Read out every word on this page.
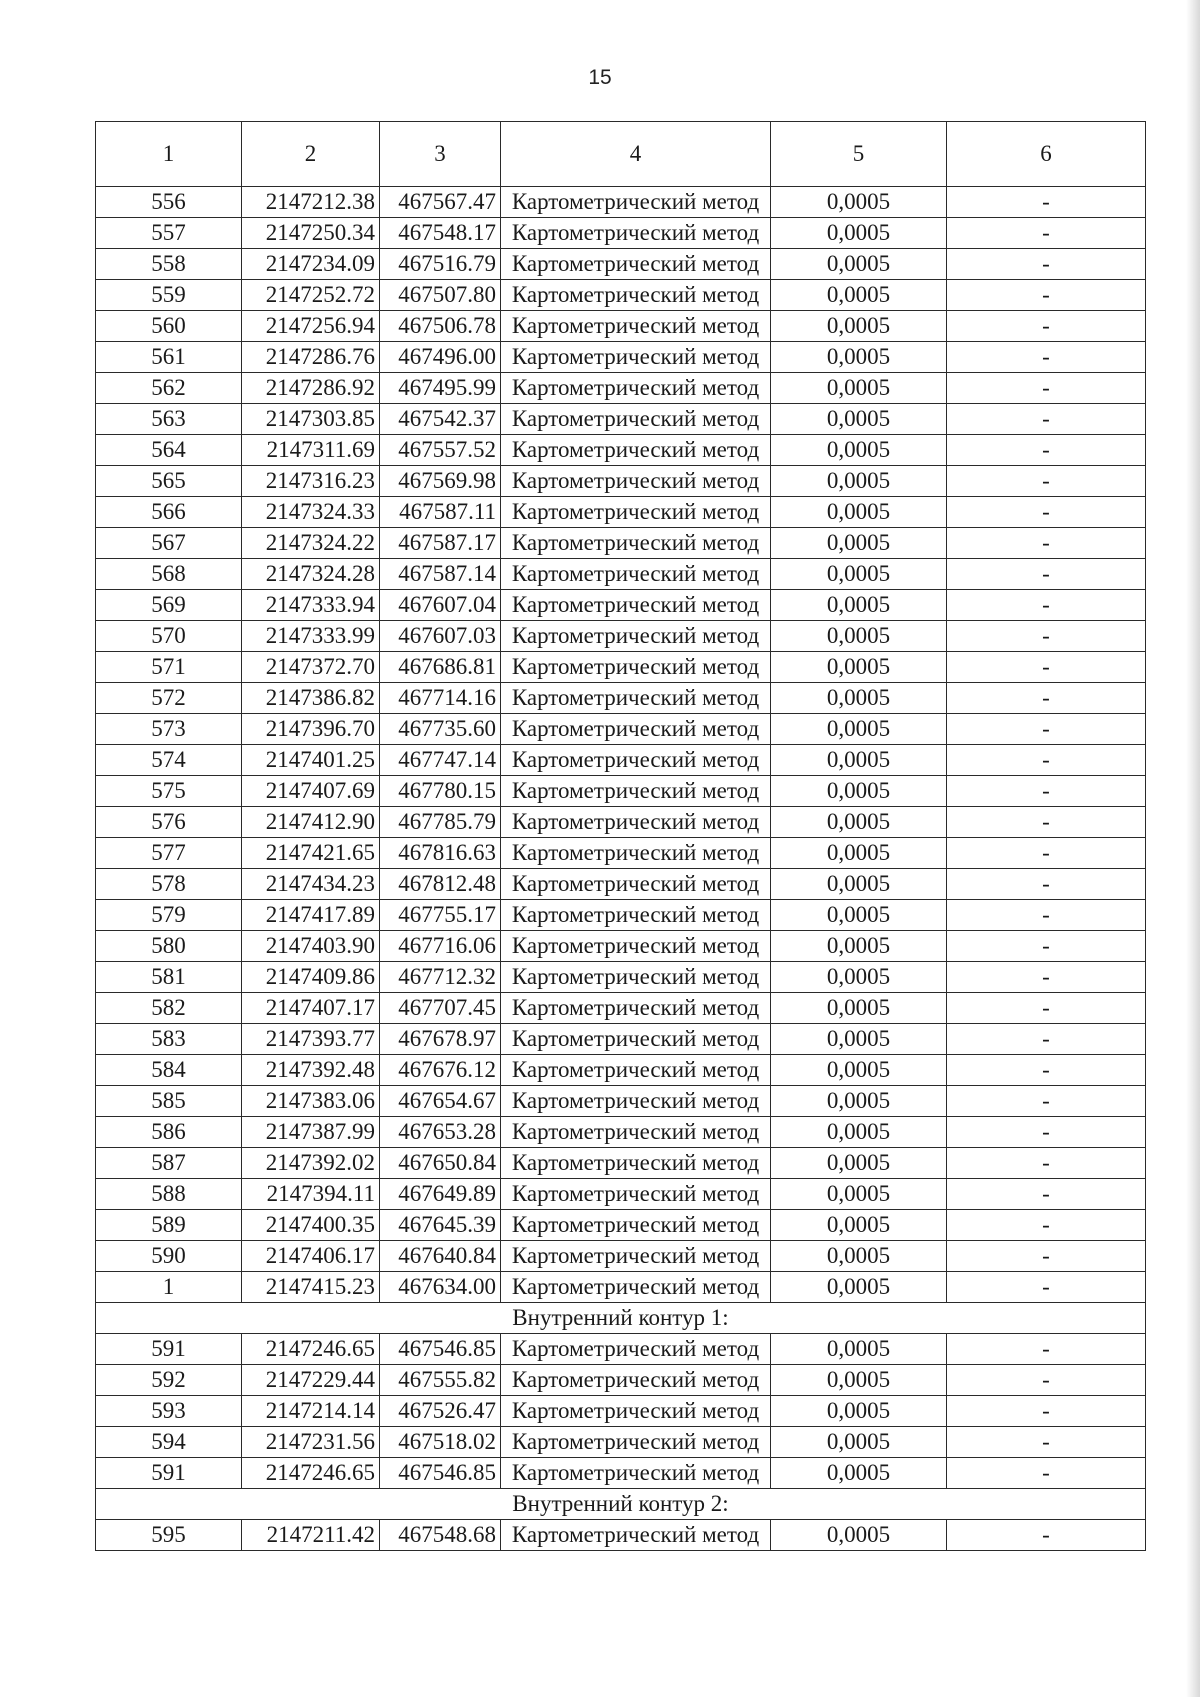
15
1	2	3	4	5	6
556	2147212.38	467567.47	Картометрический метод	0,0005	-
557	2147250.34	467548.17	Картометрический метод	0,0005	-
558	2147234.09	467516.79	Картометрический метод	0,0005	-
559	2147252.72	467507.80	Картометрический метод	0,0005	-
560	2147256.94	467506.78	Картометрический метод	0,0005	-
561	2147286.76	467496.00	Картометрический метод	0,0005	-
562	2147286.92	467495.99	Картометрический метод	0,0005	-
563	2147303.85	467542.37	Картометрический метод	0,0005	-
564	2147311.69	467557.52	Картометрический метод	0,0005	-
565	2147316.23	467569.98	Картометрический метод	0,0005	-
566	2147324.33	467587.11	Картометрический метод	0,0005	-
567	2147324.22	467587.17	Картометрический метод	0,0005	-
568	2147324.28	467587.14	Картометрический метод	0,0005	-
569	2147333.94	467607.04	Картометрический метод	0,0005	-
570	2147333.99	467607.03	Картометрический метод	0,0005	-
571	2147372.70	467686.81	Картометрический метод	0,0005	-
572	2147386.82	467714.16	Картометрический метод	0,0005	-
573	2147396.70	467735.60	Картометрический метод	0,0005	-
574	2147401.25	467747.14	Картометрический метод	0,0005	-
575	2147407.69	467780.15	Картометрический метод	0,0005	-
576	2147412.90	467785.79	Картометрический метод	0,0005	-
577	2147421.65	467816.63	Картометрический метод	0,0005	-
578	2147434.23	467812.48	Картометрический метод	0,0005	-
579	2147417.89	467755.17	Картометрический метод	0,0005	-
580	2147403.90	467716.06	Картометрический метод	0,0005	-
581	2147409.86	467712.32	Картометрический метод	0,0005	-
582	2147407.17	467707.45	Картометрический метод	0,0005	-
583	2147393.77	467678.97	Картометрический метод	0,0005	-
584	2147392.48	467676.12	Картометрический метод	0,0005	-
585	2147383.06	467654.67	Картометрический метод	0,0005	-
586	2147387.99	467653.28	Картометрический метод	0,0005	-
587	2147392.02	467650.84	Картометрический метод	0,0005	-
588	2147394.11	467649.89	Картометрический метод	0,0005	-
589	2147400.35	467645.39	Картометрический метод	0,0005	-
590	2147406.17	467640.84	Картометрический метод	0,0005	-
1	2147415.23	467634.00	Картометрический метод	0,0005	-
Внутренний контур 1:					
591	2147246.65	467546.85	Картометрический метод	0,0005	-
592	2147229.44	467555.82	Картометрический метод	0,0005	-
593	2147214.14	467526.47	Картометрический метод	0,0005	-
594	2147231.56	467518.02	Картометрический метод	0,0005	-
591	2147246.65	467546.85	Картометрический метод	0,0005	-
Внутренний контур 2:					
595	2147211.42	467548.68	Картометрический метод	0,0005	-
